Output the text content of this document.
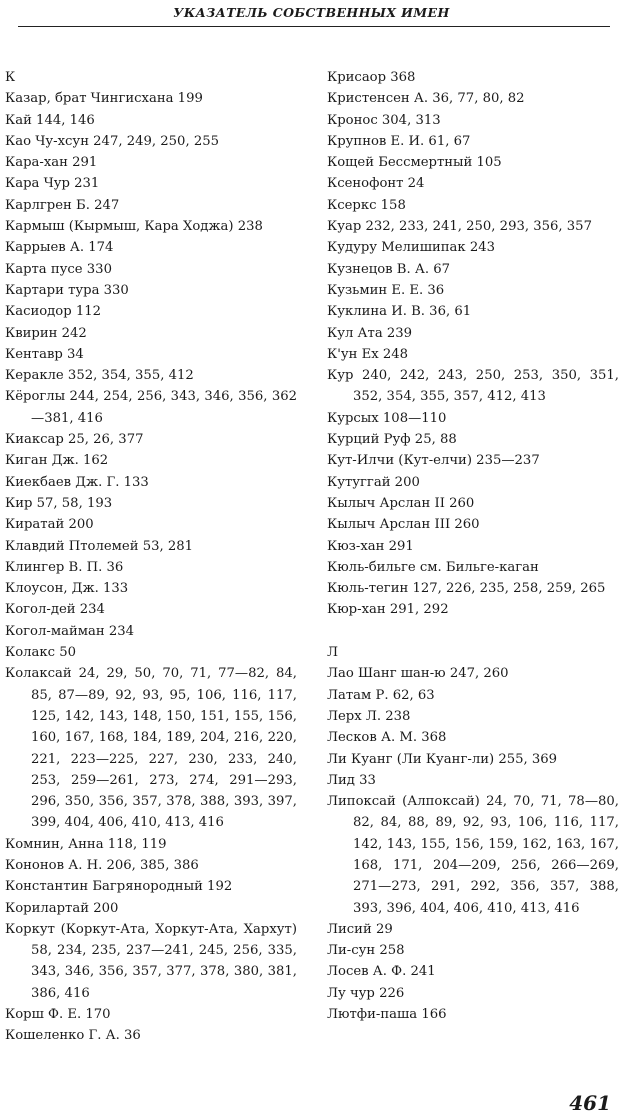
УКАЗАТЕЛЬ СОБСТВЕННЫХ ИМЕН
К
Казар, брат Чингисхана 199
Кай 144, 146
Као Чу-хсун 247, 249, 250, 255
Кара-хан 291
Кара Чур 231
Карлгрен Б. 247
Кармыш (Кырмыш, Кара Ходжа) 238
Каррыев А. 174
Карта пусе 330
Картари тура 330
Касиодор 112
Квирин 242
Кентавр 34
Керакле 352, 354, 355, 412
Кёроглы 244, 254, 256, 343, 346, 356, 362—381, 416
Киаксар 25, 26, 377
Киган Дж. 162
Киекбаев Дж. Г. 133
Кир 57, 58, 193
Киратай 200
Клавдий Птолемей 53, 281
Клингер В. П. 36
Клоусон, Дж. 133
Когол-дей 234
Когол-майман 234
Колакс 50
Колаксай 24, 29, 50, 70, 71, 77—82, 84, 85, 87—89, 92, 93, 95, 106, 116, 117, 125, 142, 143, 148, 150, 151, 155, 156, 160, 167, 168, 184, 189, 204, 216, 220, 221, 223—225, 227, 230, 233, 240, 253, 259—261, 273, 274, 291—293, 296, 350, 356, 357, 378, 388, 393, 397, 399, 404, 406, 410, 413, 416
Комнин, Анна 118, 119
Кононов А. Н. 206, 385, 386
Константин Багрянородный 192
Корилартай 200
Коркут (Коркут-Ата, Хоркут-Ата, Хархут) 58, 234, 235, 237—241, 245, 256, 335, 343, 346, 356, 357, 377, 378, 380, 381, 386, 416
Корш Ф. Е. 170
Кошеленко Г. А. 36
Крисаор 368
Кристенсен А. 36, 77, 80, 82
Кронос 304, 313
Крупнов Е. И. 61, 67
Кощей Бессмертный 105
Ксенофонт 24
Ксеркс 158
Куар 232, 233, 241, 250, 293, 356, 357
Кудуру Мелишипак 243
Кузнецов В. А. 67
Кузьмин Е. Е. 36
Куклина И. В. 36, 61
Кул Ата 239
К'ун Ех 248
Кур 240, 242, 243, 250, 253, 350, 351, 352, 354, 355, 357, 412, 413
Курсых 108—110
Курций Руф 25, 88
Кут-Илчи (Кут-елчи) 235—237
Кутуггай 200
Кылыч Арслан II 260
Кылыч Арслан III 260
Кюз-хан 291
Кюль-бильге см. Бильге-каган
Кюль-тегин 127, 226, 235, 258, 259, 265
Кюр-хан 291, 292
Л
Лао Шанг шан-ю 247, 260
Латам Р. 62, 63
Лерх Л. 238
Лесков А. М. 368
Ли Куанг (Ли Куанг-ли) 255, 369
Лид 33
Липоксай (Алпоксай) 24, 70, 71, 78—80, 82, 84, 88, 89, 92, 93, 106, 116, 117, 142, 143, 155, 156, 159, 162, 163, 167, 168, 171, 204—209, 256, 266—269, 271—273, 291, 292, 356, 357, 388, 393, 396, 404, 406, 410, 413, 416
Лисий 29
Ли-сун 258
Лосев А. Ф. 241
Лу чур 226
Лютфи-паша 166
461
